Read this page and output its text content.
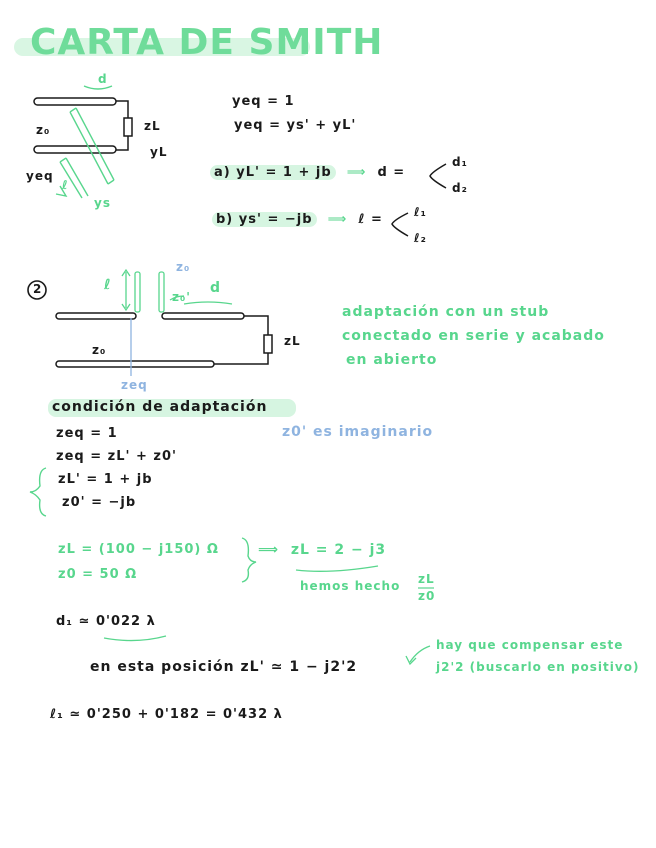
CARTA DE SMITH
d
z₀	zL
yL
yeq
ℓ
ys
yeq = 1
yeq = ys' + yL'
a) yL' = 1 + jb  ⟹  d =
d₁
d₂
b) ys' = −jb  ⟹  ℓ =	ℓ₁
ℓ₂
2	ℓ
z₀
z₀'
d
z₀
zL
zeq
adaptación con un stub
conectado en serie y acabado
en abierto
condición de adaptación
zeq = 1
zeq = zL' + z0'
zL' = 1 + jb
z0' = −jb
z0' es imaginario
zL = (100 − j150) Ω
z0 = 50 Ω
⟹  zL = 2 − j3
hemos hecho zL
z0
d₁ ≃ 0'022 λ
en esta posición zL' ≃ 1 − j2'2
hay que compensar este
j2'2 (buscarlo en positivo)
ℓ₁ ≃ 0'250 + 0'182 = 0'432 λ
